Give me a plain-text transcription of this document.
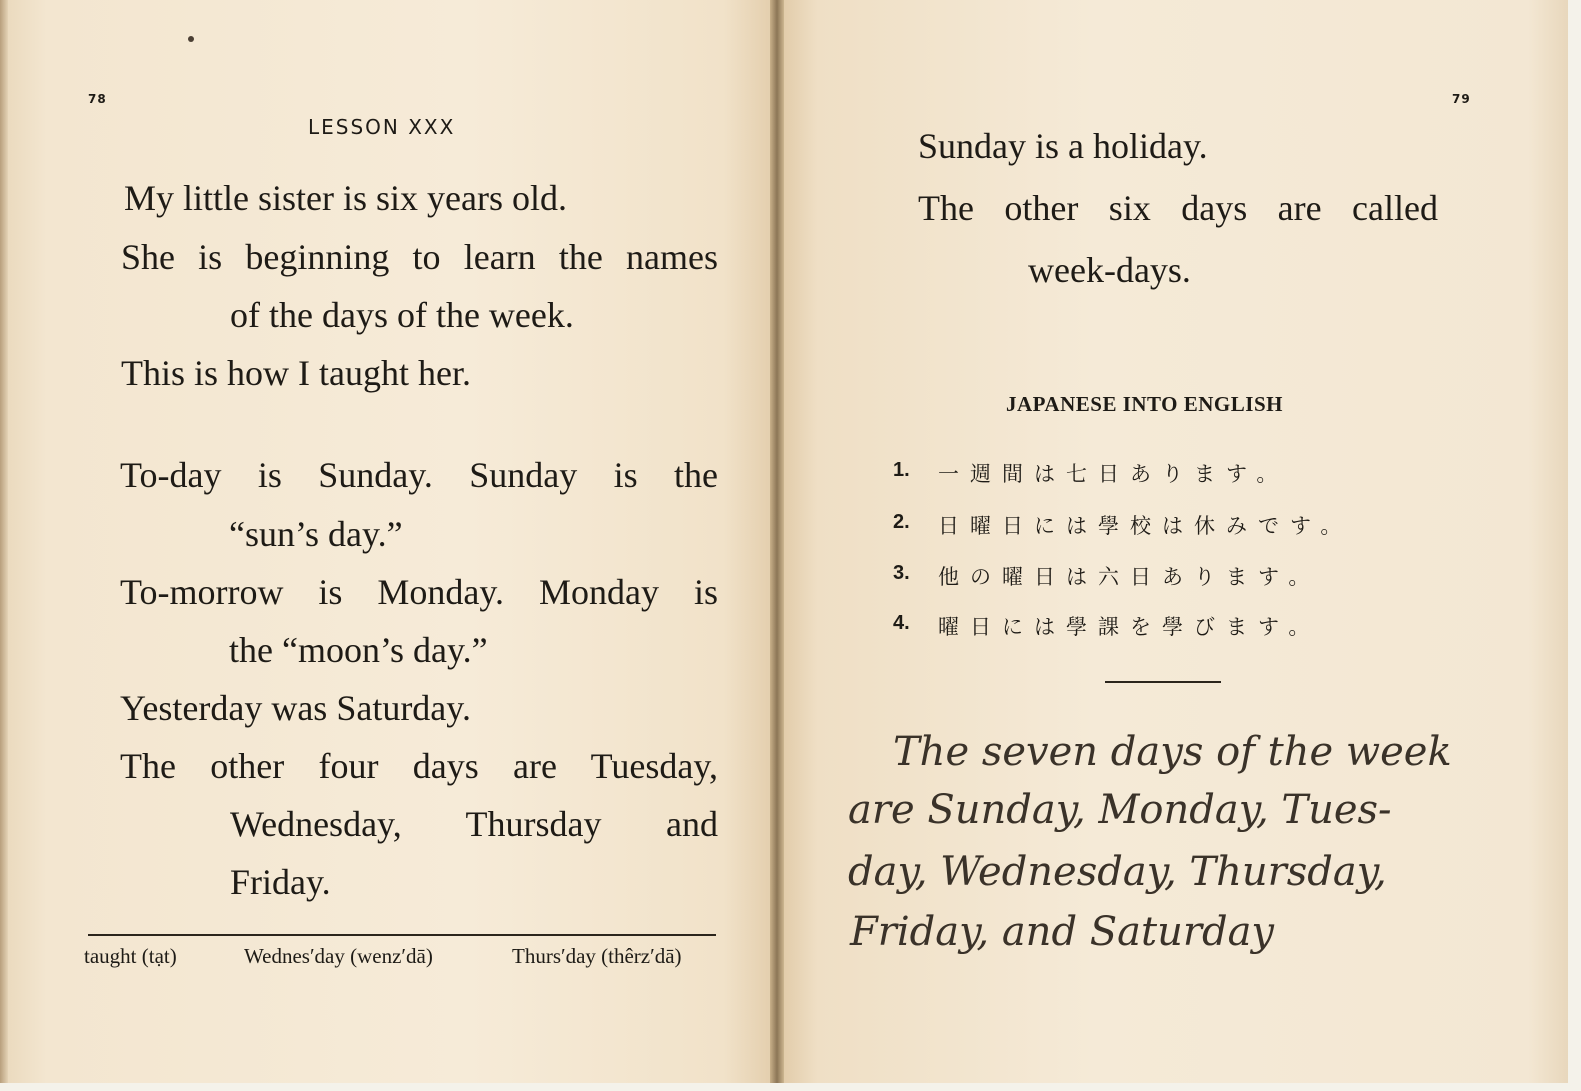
78
LESSON XXX
My little sister is six years old.
She is beginning to learn the names
of the days of the week.
This is how I taught her.
To-day is Sunday. Sunday is the
“sun’s day.”
To-morrow is Monday. Monday is
the “moon’s day.”
Yesterday was Saturday.
The other four days are Tuesday,
Wednesday, Thursday and
Friday.
taught (tạt)	Wednes′day (wenz′dā)	Thurs′day (thêrz′dā)
79
Sunday is a holiday.
The other six days are called
week-days.
JAPANESE INTO ENGLISH
1. 一週間は七日あります。
2. 日曜日には學校は休みです。
3. 他の曜日は六日あります。
4. 曜日には學課を學びます。
The seven days of the week
are Sunday, Monday, Tues-
day, Wednesday, Thursday,
Friday, and Saturday
